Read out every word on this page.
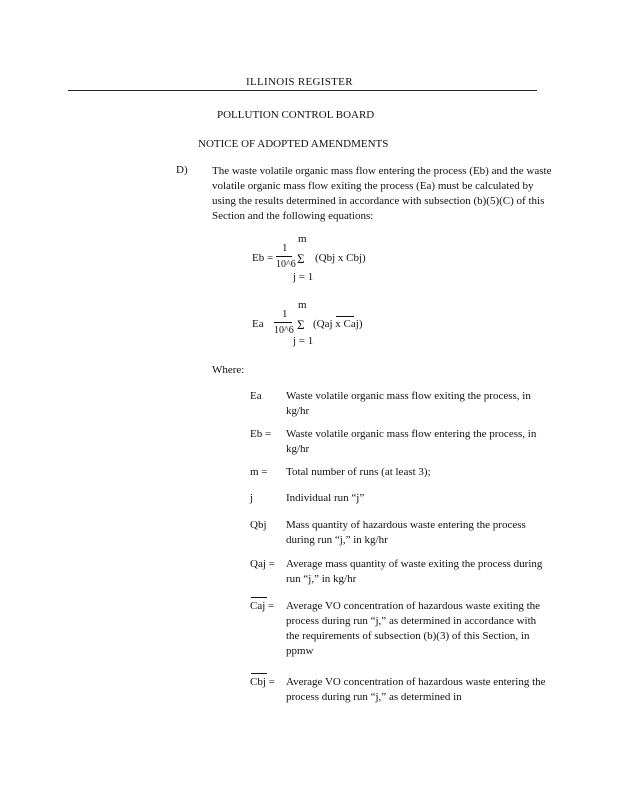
ILLINOIS REGISTER
POLLUTION CONTROL BOARD
NOTICE OF ADOPTED AMENDMENTS
D) The waste volatile organic mass flow entering the process (Eb) and the waste volatile organic mass flow exiting the process (Ea) must be calculated by using the results determined in accordance with subsection (b)(5)(C) of this Section and the following equations:
m
Eb =
1
10^6 Σ (Qbj x Cbj)
j = 1
m
Ea
1
10^6 Σ (Qaj x Caj)
j = 1
Where:
Ea Waste volatile organic mass flow exiting the process, in kg/hr
Eb = Waste volatile organic mass flow entering the process, in kg/hr
m = Total number of runs (at least 3);
j	Individual run “j”
Qbj Mass quantity of hazardous waste entering the process during run “j,” in kg/hr
Qaj = Average mass quantity of waste exiting the process during run “j,” in kg/hr
Caj = Average VO concentration of hazardous waste exiting the process during run “j,” as determined in accordance with the requirements of subsection (b)(3) of this Section, in ppmw
Cbj = Average VO concentration of hazardous waste entering the process during run “j,” as determined in
